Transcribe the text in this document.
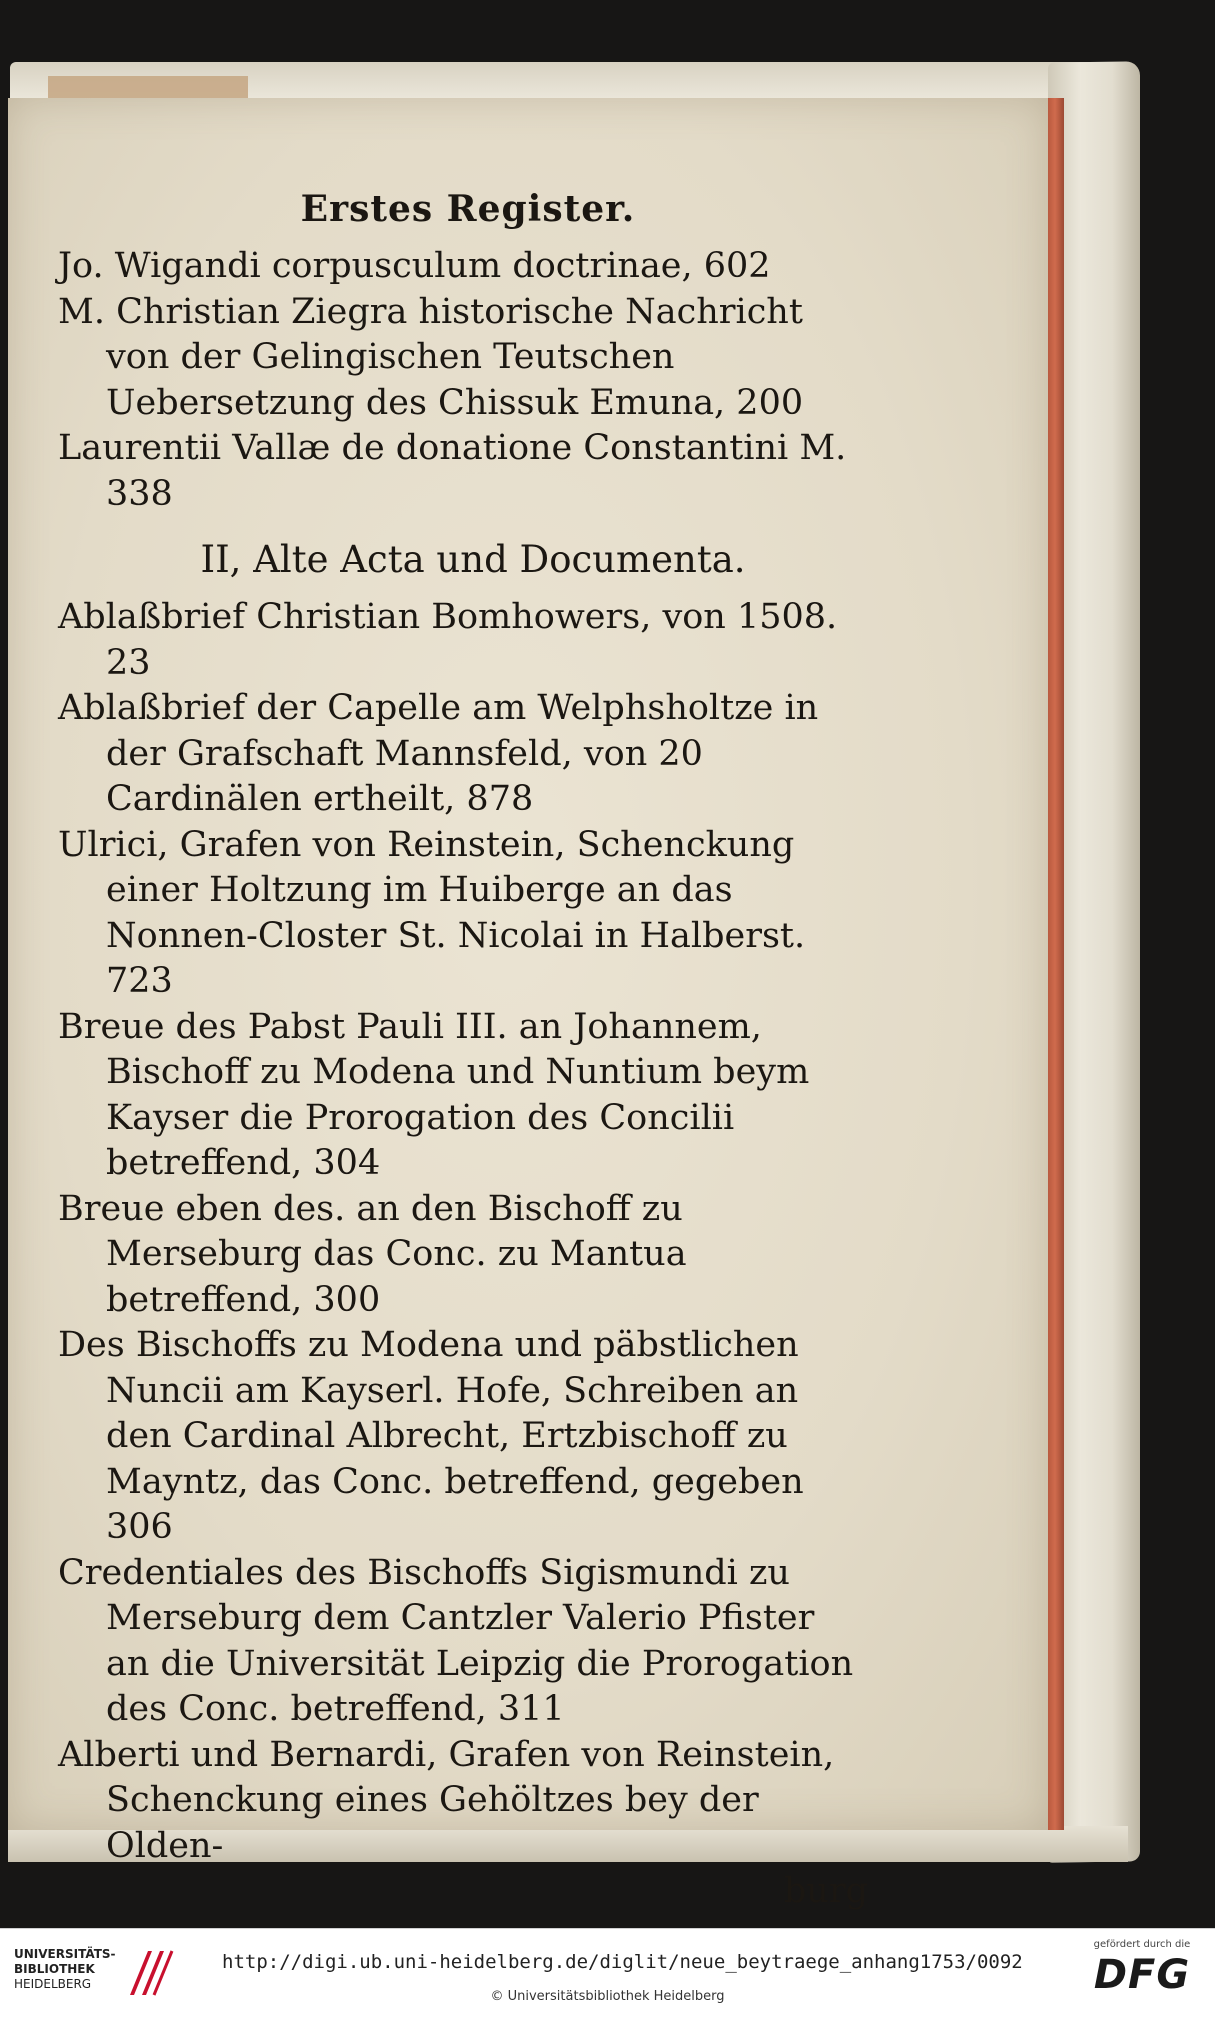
Erstes Register.

Jo. Wigandi corpusculum doctrinae, 602

M. Christian Ziegra historische Nachricht von der Gelingischen Teutschen Uebersetzung des Chissuk Emuna, 200

Laurentii Vallæ de donatione Constantini M. 338

II, Alte Acta und Documenta.

Ablaßbrief Christian Bomhowers, von 1508. 23

Ablaßbrief der Capelle am Welphsholtze in der Grafschaft Mannsfeld, von 20 Cardinälen ertheilt, 878

Ulrici, Grafen von Reinstein, Schenckung einer Holtzung im Huiberge an das Nonnen-Closter St. Nicolai in Halberst. 723

Breue des Pabst Pauli III. an Johannem, Bischoff zu Modena und Nuntium beym Kayser die Prorogation des Concilii betreffend, 304

Breue eben des. an den Bischoff zu Merseburg das Conc. zu Mantua betreffend, 300

Des Bischoffs zu Modena und päbstlichen Nuncii am Kayserl. Hofe, Schreiben an den Cardinal Albrecht, Ertzbischoff zu Mayntz, das Conc. betreffend, gegeben 306

Credentiales des Bischoffs Sigismundi zu Merseburg dem Cantzler Valerio Pfister an die Universität Leipzig die Prorogation des Conc. betreffend, 311

Alberti und Bernardi, Grafen von Reinstein, Schenckung eines Gehöltzes bey der Olden-
burg

UNIVERSITÄTS-
BIBLIOTHEK
HEIDELBERG
http://digi.ub.uni-heidelberg.de/diglit/neue_beytraege_anhang1753/0092
© Universitätsbibliothek Heidelberg
gefördert durch die
DFG
